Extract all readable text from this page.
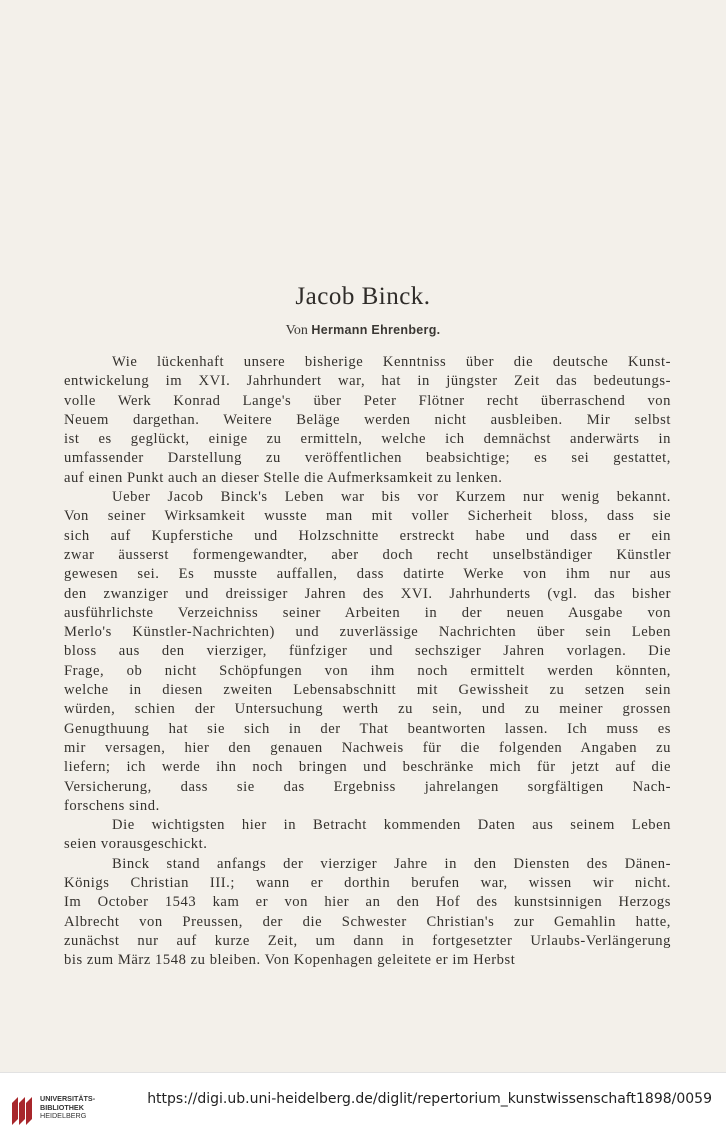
Jacob Binck.
Von Hermann Ehrenberg.
Wie lückenhaft unsere bisherige Kenntniss über die deutsche Kunst-
entwickelung im XVI. Jahrhundert war, hat in jüngster Zeit das bedeutungs-
volle Werk Konrad Lange's über Peter Flötner recht überraschend von
Neuem dargethan. Weitere Beläge werden nicht ausbleiben. Mir selbst
ist es geglückt, einige zu ermitteln, welche ich demnächst anderwärts in
umfassender Darstellung zu veröffentlichen beabsichtige; es sei gestattet,
auf einen Punkt auch an dieser Stelle die Aufmerksamkeit zu lenken.
Ueber Jacob Binck's Leben war bis vor Kurzem nur wenig bekannt.
Von seiner Wirksamkeit wusste man mit voller Sicherheit bloss, dass sie
sich auf Kupferstiche und Holzschnitte erstreckt habe und dass er ein
zwar äusserst formengewandter, aber doch recht unselbständiger Künstler
gewesen sei. Es musste auffallen, dass datirte Werke von ihm nur aus
den zwanziger und dreissiger Jahren des XVI. Jahrhunderts (vgl. das bisher
ausführlichste Verzeichniss seiner Arbeiten in der neuen Ausgabe von
Merlo's Künstler-Nachrichten) und zuverlässige Nachrichten über sein Leben
bloss aus den vierziger, fünfziger und sechsziger Jahren vorlagen. Die
Frage, ob nicht Schöpfungen von ihm noch ermittelt werden könnten,
welche in diesen zweiten Lebensabschnitt mit Gewissheit zu setzen sein
würden, schien der Untersuchung werth zu sein, und zu meiner grossen
Genugthuung hat sie sich in der That beantworten lassen. Ich muss es
mir versagen, hier den genauen Nachweis für die folgenden Angaben zu
liefern; ich werde ihn noch bringen und beschränke mich für jetzt auf die
Versicherung, dass sie das Ergebniss jahrelangen sorgfältigen Nach-
forschens sind.
Die wichtigsten hier in Betracht kommenden Daten aus seinem Leben
seien vorausgeschickt.
Binck stand anfangs der vierziger Jahre in den Diensten des Dänen-
Königs Christian III.; wann er dorthin berufen war, wissen wir nicht.
Im October 1543 kam er von hier an den Hof des kunstsinnigen Herzogs
Albrecht von Preussen, der die Schwester Christian's zur Gemahlin hatte,
zunächst nur auf kurze Zeit, um dann in fortgesetzter Urlaubs-Verlängerung
bis zum März 1548 zu bleiben. Von Kopenhagen geleitete er im Herbst
UNIVERSITÄTS-
BIBLIOTHEK
HEIDELBERG
https://digi.ub.uni-heidelberg.de/diglit/repertorium_kunstwissenschaft1898/0059
